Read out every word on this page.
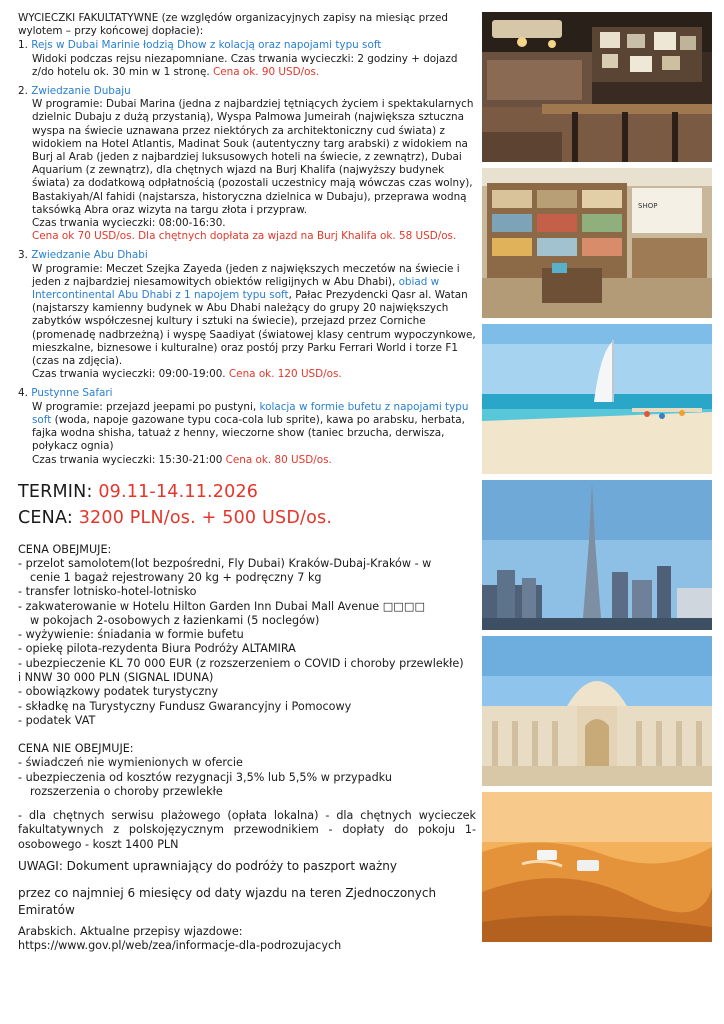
WYCIECZKI FAKULTATYWNE (ze względów organizacyjnych zapisy na miesiąc przed
wylotem – przy końcowej dopłacie):

1. Rejs w Dubai Marinie łodzią Dhow z kolacją oraz napojami typu soft
Widoki podczas rejsu niezapomniane. Czas trwania wycieczki: 2 godziny + dojazd z/do hotelu ok. 30 min w 1 stronę. Cena ok. 90 USD/os.
2. Zwiedzanie Dubaju
W programie: Dubai Marina (jedna z najbardziej tętniących życiem i spektakularnych dzielnic Dubaju z dużą przystanią), Wyspa Palmowa Jumeirah (największa sztuczna wyspa na świecie uznawana przez niektórych za architektoniczny cud świata) z widokiem na Hotel Atlantis, Madinat Souk (autentyczny targ arabski) z widokiem na Burj al Arab (jeden z najbardziej luksusowych hoteli na świecie, z zewnątrz), Dubai Aquarium (z zewnątrz), dla chętnych wjazd na Burj Khalifa (najwyższy budynek świata) za dodatkową odpłatnością (pozostali uczestnicy mają wówczas czas wolny), Bastakiyah/Al fahidi (najstarsza, historyczna dzielnica w Dubaju), przeprawa wodną taksówką Abra oraz wizyta na targu złota i przypraw.
Czas trwania wycieczki: 08:00-16:30.
Cena ok 70 USD/os. Dla chętnych dopłata za wjazd na Burj Khalifa ok. 58 USD/os.
3. Zwiedzanie Abu Dhabi
W programie: Meczet Szejka Zayeda (jeden z największych meczetów na świecie i jeden z najbardziej niesamowitych obiektów religijnych w Abu Dhabi), obiad w Intercontinental Abu Dhabi z 1 napojem typu soft, Pałac Prezydencki Qasr al. Watan (najstarszy kamienny budynek w Abu Dhabi należący do grupy 20 największych zabytków współczesnej kultury i sztuki na świecie), przejazd przez Corniche (promenadę nadbrzeżną) i wyspę Saadiyat (światowej klasy centrum wypoczynkowe, mieszkalne, biznesowe i kulturalne) oraz postój przy Parku Ferrari World i torze F1 (czas na zdjęcia).
Czas trwania wycieczki: 09:00-19:00. Cena ok. 120 USD/os.
4. Pustynne Safari
W programie: przejazd jeepami po pustyni, kolacja w formie bufetu z napojami typu soft (woda, napoje gazowane typu coca-cola lub sprite), kawa po arabsku, herbata, fajka wodna shisha, tatuaż z henny, wieczorne show (taniec brzucha, derwisza, połykacz ognia)
Czas trwania wycieczki: 15:30-21:00 Cena ok. 80 USD/os.
TERMIN: 09.11-14.11.2026
CENA: 3200 PLN/os. + 500 USD/os.
CENA OBEJMUJE:
- przelot samolotem(lot bezpośredni, Fly Dubai) Kraków-Dubaj-Kraków - w
cenie 1 bagaż rejestrowany 20 kg + podręczny 7 kg
- transfer lotnisko-hotel-lotnisko
- zakwaterowanie w Hotelu Hilton Garden Inn Dubai Mall Avenue □□□□
w pokojach 2-osobowych z łazienkami (5 noclegów)
- wyżywienie: śniadania w formie bufetu
- opiekę pilota-rezydenta Biura Podróży ALTAMIRA
- ubezpieczenie KL 70 000 EUR (z rozszerzeniem o COVID i choroby przewlekłe)
i NNW 30 000 PLN (SIGNAL IDUNA)
- obowiązkowy podatek turystyczny
- składkę na Turystyczny Fundusz Gwarancyjny i Pomocowy
- podatek VAT
CENA NIE OBEJMUJE:
- świadczeń nie wymienionych w ofercie
- ubezpieczenia od kosztów rezygnacji 3,5% lub 5,5% w przypadku
rozszerzenia o choroby przewlekłe
- dla chętnych serwisu plażowego (opłata lokalna) - dla chętnych wycieczek fakultatywnych z polskojęzycznym przewodnikiem - dopłaty do pokoju 1-osobowego - koszt 1400 PLN
UWAGI: Dokument uprawniający do podróży to paszport ważny
przez co najmniej 6 miesięcy od daty wjazdu na teren Zjednoczonych
Emiratów
Arabskich. Aktualne przepisy wjazdowe:
https://www.gov.pl/web/zea/informacje-dla-podrozujacych
SHOP
